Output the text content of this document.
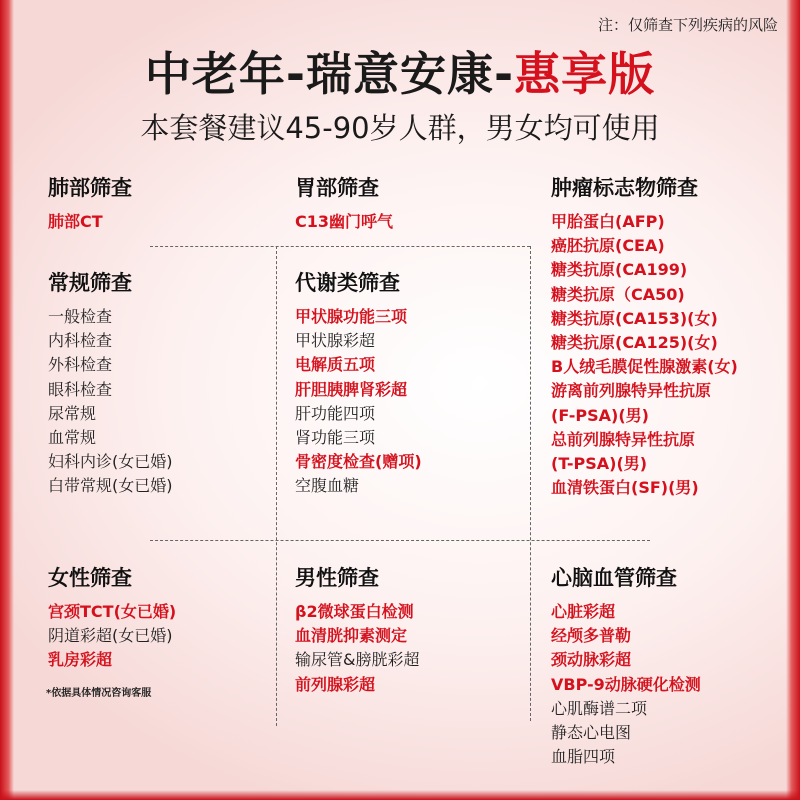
注：仅筛查下列疾病的风险
中老年-瑞意安康-惠享版
本套餐建议45-90岁人群，男女均可使用
肺部筛查
肺部CT
胃部筛查
C13幽门呼气
肿瘤标志物筛查
甲胎蛋白(AFP)
癌胚抗原(CEA)
糖类抗原(CA199)
糖类抗原（CA50)
糖类抗原(CA153)(女)
糖类抗原(CA125)(女)
B人绒毛膜促性腺激素(女)
游离前列腺特异性抗原
(F-PSA)(男)
总前列腺特异性抗原
(T-PSA)(男)
血清铁蛋白(SF)(男)
常规筛查
一般检查
内科检查
外科检查
眼科检查
尿常规
血常规
妇科内诊(女已婚)
白带常规(女已婚)
代谢类筛查
甲状腺功能三项
甲状腺彩超
电解质五项
肝胆胰脾肾彩超
肝功能四项
肾功能三项
骨密度检查(赠项)
空腹血糖
女性筛查
宫颈TCT(女已婚)
阴道彩超(女已婚)
乳房彩超
男性筛查
β2微球蛋白检测
血清胱抑素测定
输尿管&膀胱彩超
前列腺彩超
心脑血管筛查
心脏彩超
经颅多普勒
颈动脉彩超
VBP-9动脉硬化检测
心肌酶谱二项
静态心电图
血脂四项
*依据具体情况咨询客服
